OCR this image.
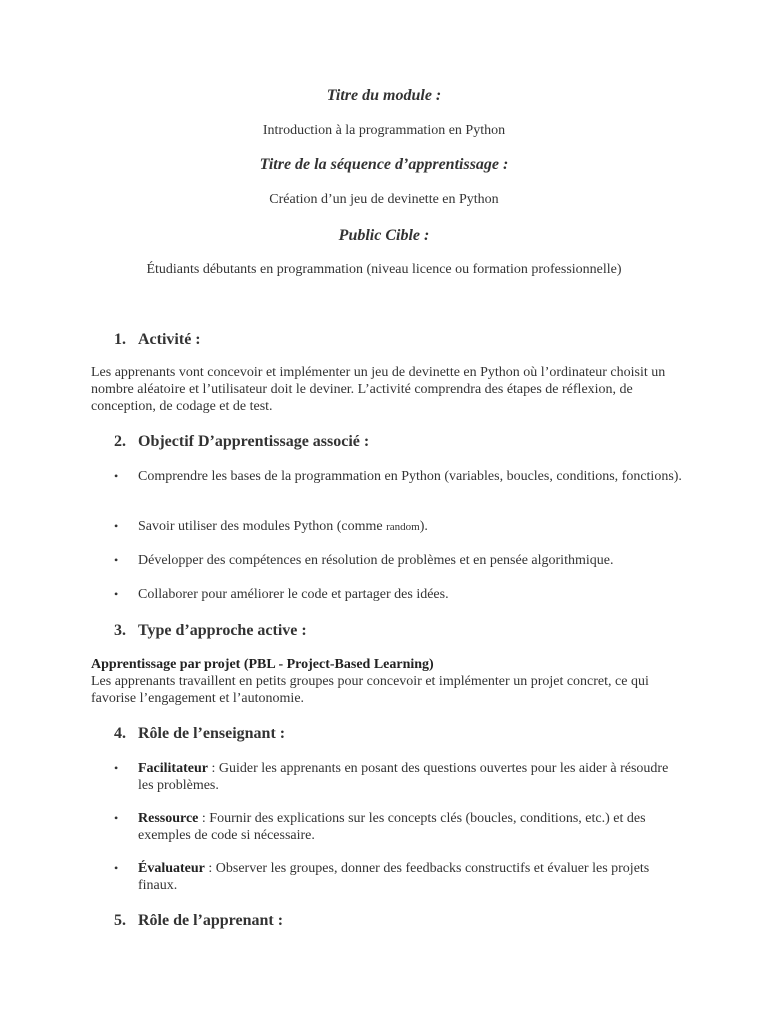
Titre du module :
Introduction à la programmation en Python
Titre de la séquence d’apprentissage :
Création d’un jeu de devinette en Python
Public Cible :
Étudiants débutants en programmation (niveau licence ou formation professionnelle)
1. Activité :
Les apprenants vont concevoir et implémenter un jeu de devinette en Python où l’ordinateur choisit un nombre aléatoire et l’utilisateur doit le deviner. L’activité comprendra des étapes de réflexion, de conception, de codage et de test.
2. Objectif D’apprentissage associé :
•	Comprendre les bases de la programmation en Python (variables, boucles, conditions, fonctions).
•	Savoir utiliser des modules Python (comme random).
•	Développer des compétences en résolution de problèmes et en pensée algorithmique.
•	Collaborer pour améliorer le code et partager des idées.
3. Type d’approche active :
Apprentissage par projet (PBL - Project-Based Learning)
Les apprenants travaillent en petits groupes pour concevoir et implémenter un projet concret, ce qui favorise l’engagement et l’autonomie.
4. Rôle de l’enseignant :
•	Facilitateur : Guider les apprenants en posant des questions ouvertes pour les aider à résoudre les problèmes.
•	Ressource : Fournir des explications sur les concepts clés (boucles, conditions, etc.) et des exemples de code si nécessaire.
•	Évaluateur : Observer les groupes, donner des feedbacks constructifs et évaluer les projets finaux.
5. Rôle de l’apprenant :
